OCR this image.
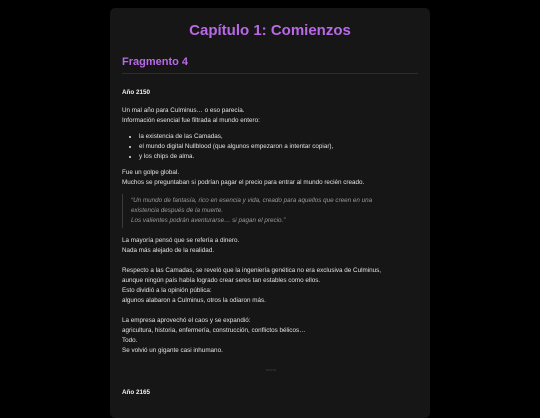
Capítulo 1: Comienzos
Fragmento 4

Año 2150

Un mal año para Culminus… o eso parecía.
Información esencial fue filtrada al mundo entero:

• la existencia de las Camadas,
• el mundo digital Nullblood (que algunos empezaron a intentar copiar),
• y los chips de alma.

Fue un golpe global.
Muchos se preguntaban si podrían pagar el precio para entrar al mundo recién creado.

“Un mundo de fantasía, rico en esencia y vida, creado para aquellos que creen en una
existencia después de la muerte.
Los valientes podrán aventurarse… si pagan el precio.”

La mayoría pensó que se refería a dinero.
Nada más alejado de la realidad.

Respecto a las Camadas, se reveló que la ingeniería genética no era exclusiva de Culminus,
aunque ningún país había logrado crear seres tan estables como ellos.
Esto dividió a la opinión pública:
algunos alabaron a Culminus, otros la odiaron más.

La empresa aprovechó el caos y se expandió:
agricultura, historia, enfermería, construcción, conflictos bélicos…
Todo.
Se volvió un gigante casi inhumano.

~~~

Año 2165
